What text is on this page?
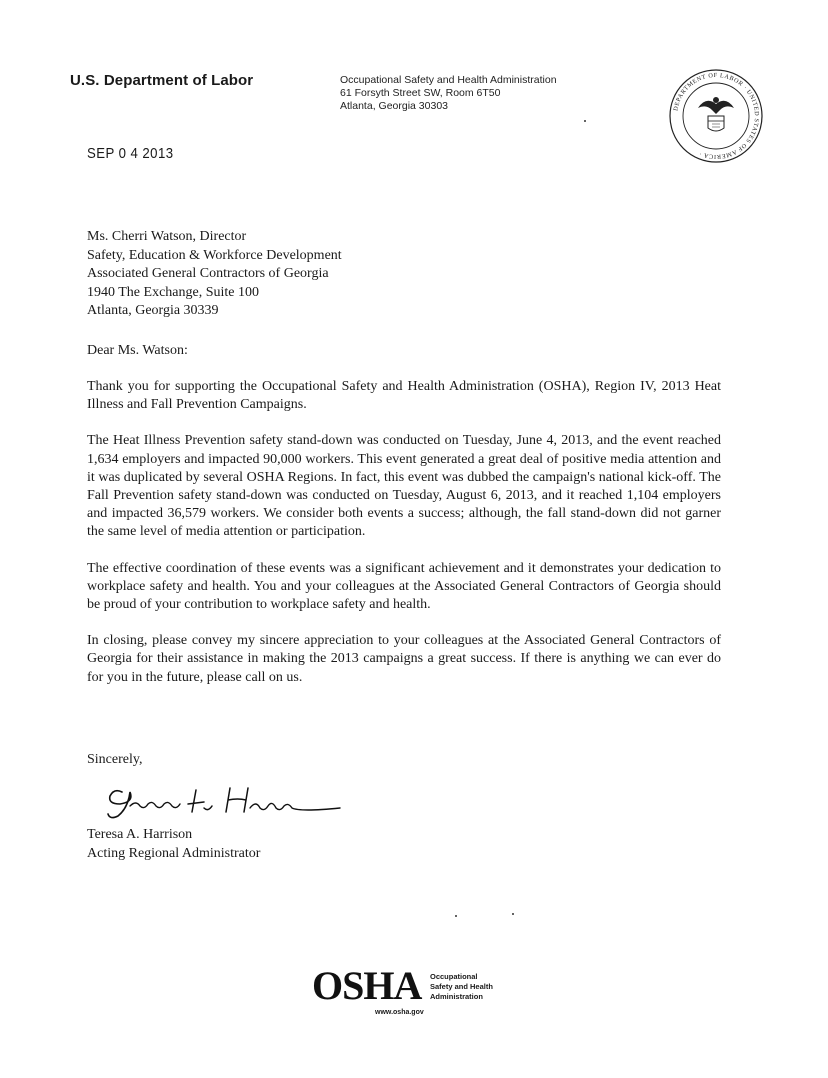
U.S. Department of Labor	Occupational Safety and Health Administration
61 Forsyth Street SW, Room 6T50
Atlanta, Georgia 30303	DEPARTMENT OF LABOR · UNITED STATES OF AMERICA ·
SEP 0 4 2013
Ms. Cherri Watson, Director
Safety, Education & Workforce Development
Associated General Contractors of Georgia
1940 The Exchange, Suite 100
Atlanta, Georgia 30339
Dear Ms. Watson:

Thank you for supporting the Occupational Safety and Health Administration (OSHA), Region IV, 2013 Heat Illness and Fall Prevention Campaigns.

The Heat Illness Prevention safety stand-down was conducted on Tuesday, June 4, 2013, and the event reached 1,634 employers and impacted 90,000 workers. This event generated a great deal of positive media attention and it was duplicated by several OSHA Regions. In fact, this event was dubbed the campaign's national kick-off. The Fall Prevention safety stand-down was conducted on Tuesday, August 6, 2013, and it reached 1,104 employers and impacted 36,579 workers. We consider both events a success; although, the fall stand-down did not garner the same level of media attention or participation.

The effective coordination of these events was a significant achievement and it demonstrates your dedication to workplace safety and health. You and your colleagues at the Associated General Contractors of Georgia should be proud of your contribution to workplace safety and health.

In closing, please convey my sincere appreciation to your colleagues at the Associated General Contractors of Georgia for their assistance in making the 2013 campaigns a great success. If there is anything we can ever do for you in the future, please call on us.

Sincerely,
Teresa A. Harrison
Acting Regional Administrator
OSHA Occupational
Safety and Health
Administration
www.osha.gov
